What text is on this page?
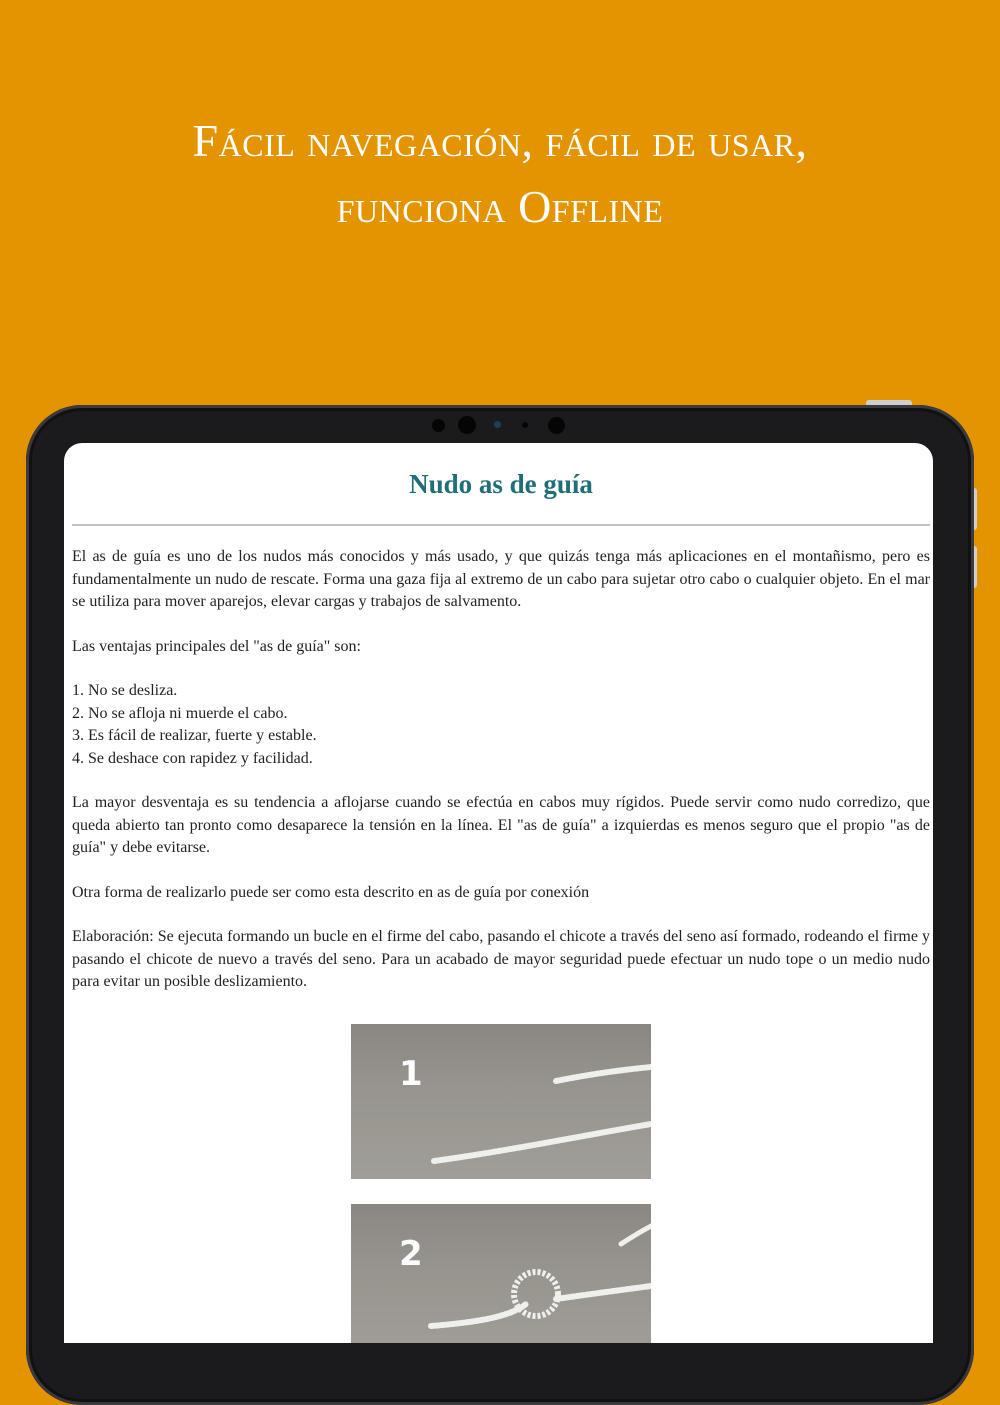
Fácil navegación, fácil de usar,
funciona Offline
Nudo as de guía

El as de guía es uno de los nudos más conocidos y más usado, y que quizás tenga más aplicaciones en el montañismo, pero es fundamentalmente un nudo de rescate. Forma una gaza fija al extremo de un cabo para sujetar otro cabo o cualquier objeto. En el mar se utiliza para mover aparejos, elevar cargas y trabajos de salvamento.

Las ventajas principales del "as de guía" son:

1. No se desliza.
2. No se afloja ni muerde el cabo.
3. Es fácil de realizar, fuerte y estable.
4. Se deshace con rapidez y facilidad.

La mayor desventaja es su tendencia a aflojarse cuando se efectúa en cabos muy rígidos. Puede servir como nudo corredizo, que queda abierto tan pronto como desaparece la tensión en la línea. El "as de guía" a izquierdas es menos seguro que el propio "as de guía" y debe evitarse.

Otra forma de realizarlo puede ser como esta descrito en as de guía por conexión

Elaboración: Se ejecuta formando un bucle en el firme del cabo, pasando el chicote a través del seno así formado, rodeando el firme y pasando el chicote de nuevo a través del seno. Para un acabado de mayor seguridad puede efectuar un nudo tope o un medio nudo para evitar un posible deslizamiento.

1
2
